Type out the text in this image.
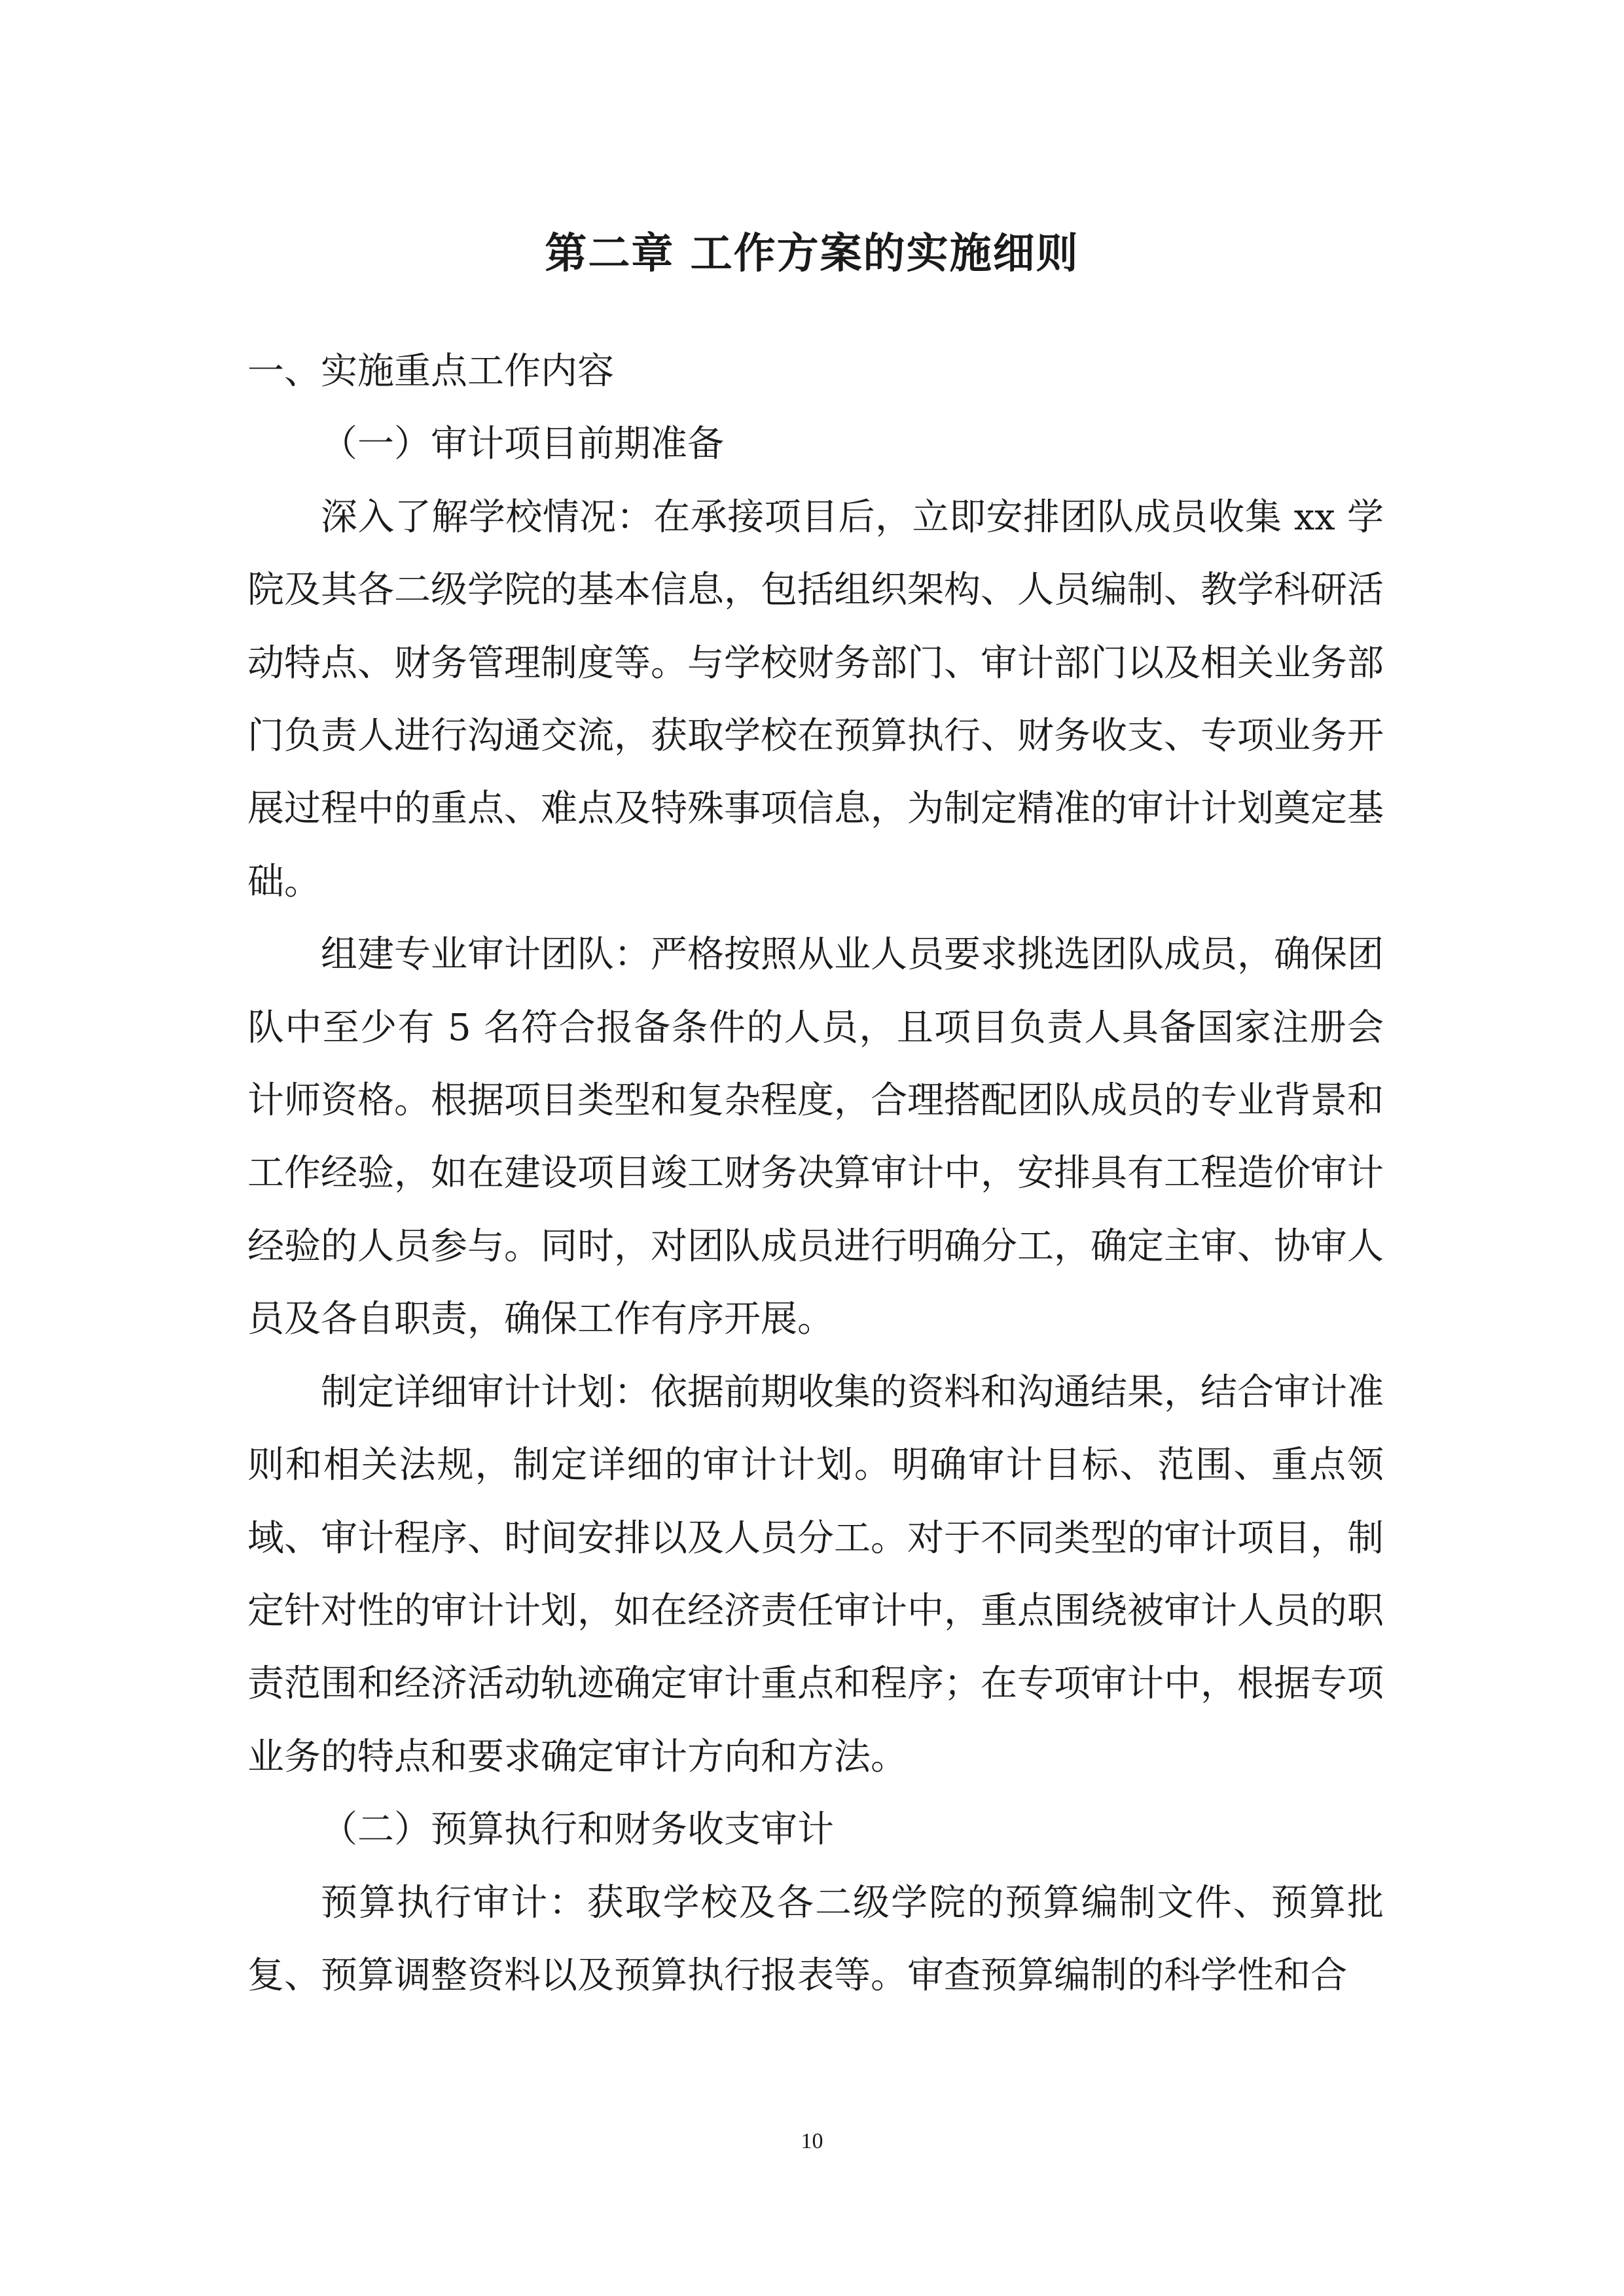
第二章 工作方案的实施细则

一、实施重点工作内容

（一）审计项目前期准备

深入了解学校情况：在承接项目后，立即安排团队成员收集 xx 学院及其各二级学院的基本信息，包括组织架构、人员编制、教学科研活动特点、财务管理制度等。与学校财务部门、审计部门以及相关业务部门负责人进行沟通交流，获取学校在预算执行、财务收支、专项业务开展过程中的重点、难点及特殊事项信息，为制定精准的审计计划奠定基础。

组建专业审计团队：严格按照从业人员要求挑选团队成员，确保团队中至少有 5 名符合报备条件的人员，且项目负责人具备国家注册会计师资格。根据项目类型和复杂程度，合理搭配团队成员的专业背景和工作经验，如在建设项目竣工财务决算审计中，安排具有工程造价审计经验的人员参与。同时，对团队成员进行明确分工，确定主审、协审人员及各自职责，确保工作有序开展。

制定详细审计计划：依据前期收集的资料和沟通结果，结合审计准则和相关法规，制定详细的审计计划。明确审计目标、范围、重点领域、审计程序、时间安排以及人员分工。对于不同类型的审计项目，制定针对性的审计计划，如在经济责任审计中，重点围绕被审计人员的职责范围和经济活动轨迹确定审计重点和程序；在专项审计中，根据专项业务的特点和要求确定审计方向和方法。

（二）预算执行和财务收支审计

预算执行审计：获取学校及各二级学院的预算编制文件、预算批复、预算调整资料以及预算执行报表等。审查预算编制的科学性和合

10
